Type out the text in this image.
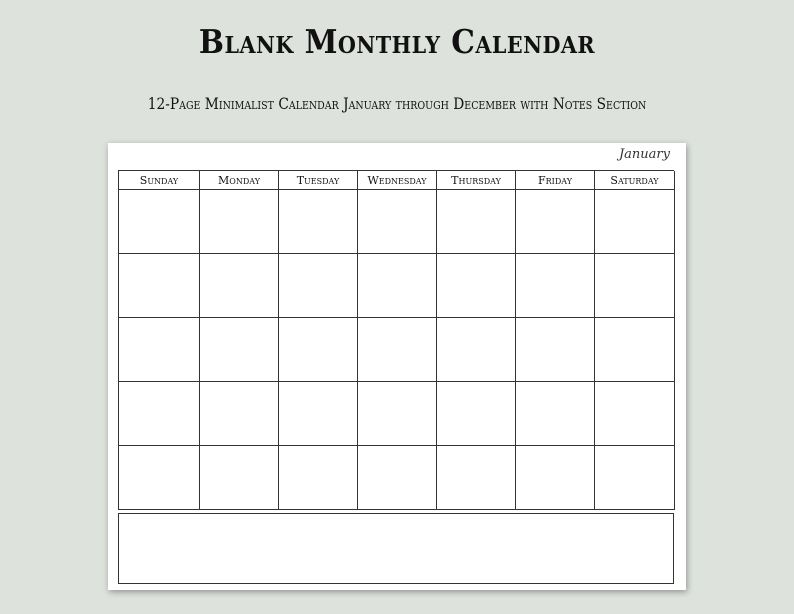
Blank Monthly Calendar
12-Page Minimalist Calendar January through December with Notes Section
January
Sunday	Monday	Tuesday	Wednesday	Thursday	Friday	Saturday
